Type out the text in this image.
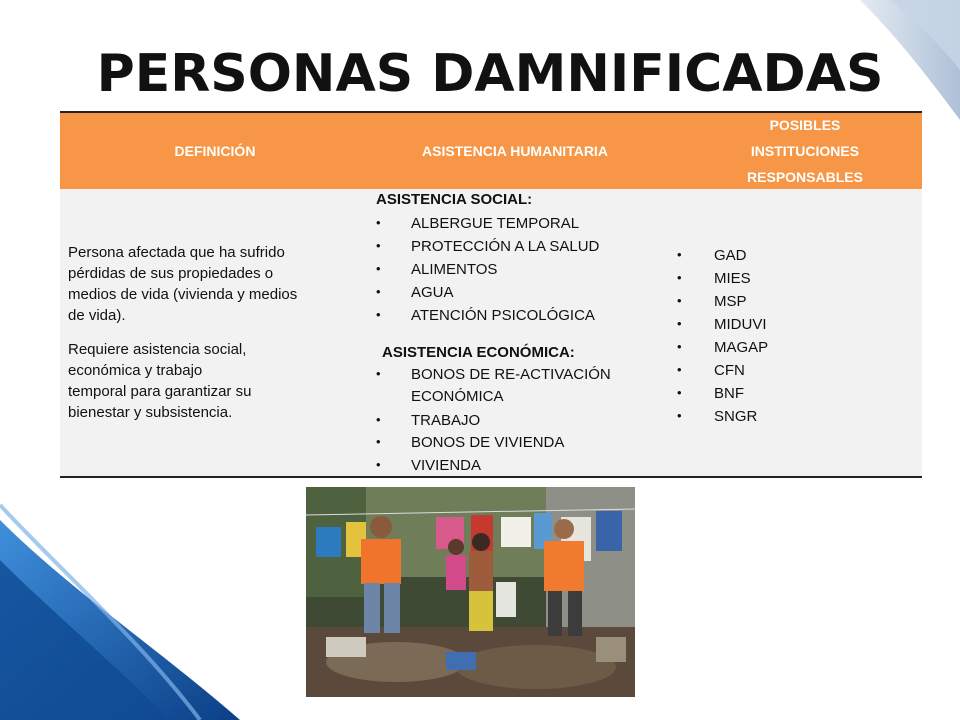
PERSONAS DAMNIFICADAS
DEFINICIÓN	ASISTENCIA HUMANITARIA
POSIBLES
INSTITUCIONES
RESPONSABLES
Persona afectada que ha sufrido
pérdidas de sus propiedades o
medios de vida (vivienda y medios
de vida).
Requiere asistencia social,
económica y trabajo
temporal para garantizar su
bienestar y subsistencia.
ASISTENCIA SOCIAL:
• ALBERGUE TEMPORAL
• PROTECCIÓN A LA SALUD
• ALIMENTOS
• AGUA
• ATENCIÓN PSICOLÓGICA
ASISTENCIA ECONÓMICA:
• BONOS DE RE-ACTIVACIÓN
ECONÓMICA
• TRABAJO
• BONOS DE VIVIENDA
• VIVIENDA
• GAD
• MIES
• MSP
• MIDUVI
• MAGAP
• CFN
• BNF
• SNGR
